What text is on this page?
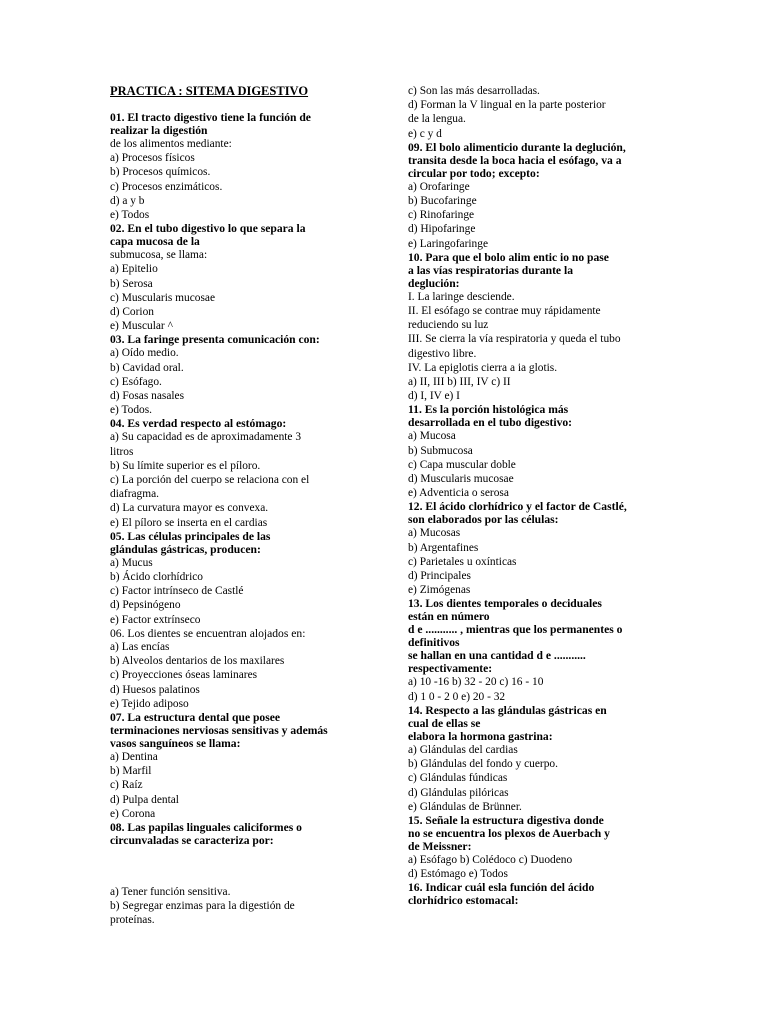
PRACTICA : SITEMA DIGESTIVO
01. El tracto digestivo tiene la función de
realizar la digestión
de los alimentos mediante:
a) Procesos físicos
b) Procesos químicos.
c) Procesos enzimáticos.
d) a y b
e) Todos
02. En el tubo digestivo lo que separa la
capa mucosa de la
submucosa, se llama:
a) Epitelio
b) Serosa
c) Muscularis mucosae
d) Corion
e) Muscular ^
03. La faringe presenta comunicación con:
a) Oído medio.
b) Cavidad oral.
c) Esófago.
d) Fosas nasales
e) Todos.
04. Es verdad respecto al estómago:
a) Su capacidad es de aproximadamente 3
litros
b) Su límite superior es el píloro.
c) La porción del cuerpo se relaciona con el
diafragma.
d) La curvatura mayor es convexa.
e) El píloro se inserta en el cardias
05. Las células principales de las
glándulas gástricas, producen:
a) Mucus
b) Ácido clorhídrico
c) Factor intrínseco de Castlé
d) Pepsinógeno
e) Factor extrínseco
06. Los dientes se encuentran alojados en:
a) Las encías
b) Alveolos dentarios de los maxilares
c) Proyecciones óseas laminares
d) Huesos palatinos
e) Tejido adiposo
07. La estructura dental que posee
terminaciones nerviosas sensitivas y además
vasos sanguíneos se llama:
a) Dentina
b) Marfil
c) Raíz
d) Pulpa dental
e) Corona
08. Las papilas linguales caliciformes o
circunvaladas se caracteriza por:
a) Tener función sensitiva.
b) Segregar enzimas para la digestión de
proteínas.
c) Son las más desarrolladas.
d) Forman la V lingual en la parte posterior
de la lengua.
e) c y d
09. El bolo alimenticio durante la deglución,
transita desde la boca hacia el esófago, va a
circular por todo; excepto:
a) Orofaringe
b) Bucofaringe
c) Rinofaringe
d) Hipofaringe
e) Laringofaringe
10. Para que el bolo alim entic io no pase
a las vías respiratorias durante la
deglución:
I. La laringe desciende.
II. El esófago se contrae muy rápidamente
reduciendo su luz
III. Se cierra la vía respiratoria y queda el tubo
digestivo libre.
IV. La epiglotis cierra a ia glotis.
a) II, III b) III, IV c) II
d) I, IV e) I
11. Es la porción histológica más
desarrollada en el tubo digestivo:
a) Mucosa
b) Submucosa
c) Capa muscular doble
d) Muscularis mucosae
e) Adventicia o serosa
12. El ácido clorhídrico y el factor de Castlé,
son elaborados por las células:
a) Mucosas
b) Argentafines
c) Parietales u oxínticas
d) Principales
e) Zimógenas
13. Los dientes temporales o deciduales
están en número
d e ........... , mientras que los permanentes o
definitivos
se hallan en una cantidad d e ...........
respectivamente:
a) 10 -16 b) 32 - 20 c) 16 - 10
d) 1 0 - 2 0 e) 20 - 32
14. Respecto a las glándulas gástricas en
cual de ellas se
elabora la hormona gastrina:
a) Glándulas del cardias
b) Glándulas del fondo y cuerpo.
c) Glándulas fúndicas
d) Glándulas pilóricas
e) Glándulas de Brünner.
15. Señale la estructura digestiva donde
no se encuentra los plexos de Auerbach y
de Meissner:
a) Esófago b) Colédoco c) Duodeno
d) Estómago e) Todos
16. Indicar cuál esla función del ácido
clorhídrico estomacal:
